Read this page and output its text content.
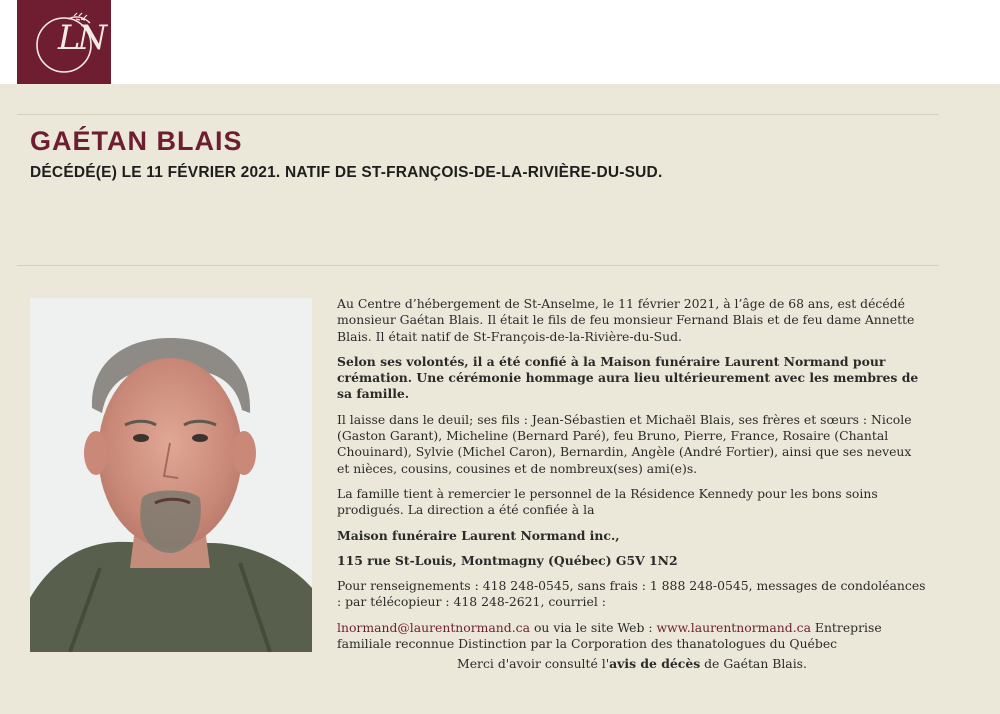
LN
GAÉTAN BLAIS
DÉCÉDÉ(E) LE 11 FÉVRIER 2021. NATIF DE ST-FRANÇOIS-DE-LA-RIVIÈRE-DU-SUD.

Au Centre d’hébergement de St-Anselme, le 11 février 2021, à l’âge de 68 ans, est décédé monsieur Gaétan Blais. Il était le fils de feu monsieur Fernand Blais et de feu dame Annette Blais. Il était natif de St-François-de-la-Rivière-du-Sud.

Selon ses volontés, il a été confié à la Maison funéraire Laurent Normand pour crémation. Une cérémonie hommage aura lieu ultérieurement avec les membres de sa famille.

Il laisse dans le deuil; ses fils : Jean-Sébastien et Michaël Blais, ses frères et sœurs : Nicole (Gaston Garant), Micheline (Bernard Paré), feu Bruno, Pierre, France, Rosaire (Chantal Chouinard), Sylvie (Michel Caron), Bernardin, Angèle (André Fortier), ainsi que ses neveux et nièces, cousins, cousines et de nombreux(ses) ami(e)s.

La famille tient à remercier le personnel de la Résidence Kennedy pour les bons soins prodigués. La direction a été confiée à la

Maison funéraire Laurent Normand inc.,

115 rue St-Louis, Montmagny (Québec) G5V 1N2

Pour renseignements : 418 248-0545, sans frais : 1 888 248-0545, messages de condoléances : par télécopieur : 418 248-2621, courriel :

lnormand@laurentnormand.ca ou via le site Web : www.laurentnormand.ca Entreprise familiale reconnue Distinction par la Corporation des thanatologues du Québec

Merci d'avoir consulté l'avis de décès de Gaétan Blais.
